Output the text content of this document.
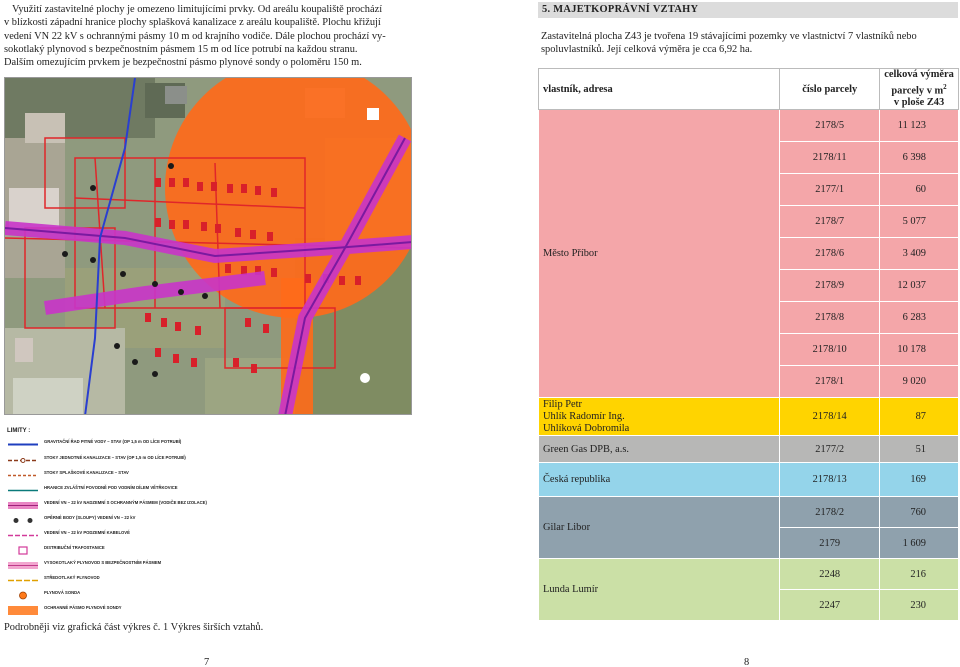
Využití zastavitelné plochy je omezeno limitujícími prvky. Od areálu koupaliště prochází

v blízkosti západní hranice plochy splašková kanalizace z areálu koupaliště. Plochu křižují

vedení VN 22 kV s ochrannými pásmy 10 m od krajního vodiče. Dále plochou prochází vy-

sokotlaký plynovod s bezpečnostním pásmem 15 m od líce potrubí na každou stranu.

Dalším omezujícím prvkem je bezpečnostní pásmo plynové sondy o poloměru 150 m.

LIMITY :
GRAVITAČNÍ ŘAD PITNÉ VODY – STAV (OP 1,5 m OD LÍCE POTRUBÍ)
STOKY JEDNOTNÉ KANALIZACE – STAV (OP 1,5 m OD LÍCE POTRUBÍ)
STOKY SPLAŠKOVÉ KANALIZACE – STAV
HRANICE ZVLÁŠTNÍ POVODNĚ POD VODNÍM DÍLEM VĚTŘKOVICE
VEDENÍ VN – 22 kV NADZEMNÍ S OCHRANNÝM PÁSMEM (VODIČE BEZ IZOLACE)
OPĚRNÉ BODY (SLOUPY) VEDENÍ VN – 22 kV
VEDENÍ VN – 22 kV PODZEMNÍ KABELOVÉ
DISTRIBUČNÍ TRAFOSTANICE
VYSOKOTLAKÝ PLYNOVOD S BEZPEČNOSTNÍM PÁSMEM
STŘEDOTLAKÝ PLYNOVOD
PLYNOVÁ SONDA
OCHRANNÉ PÁSMO PLYNOVÉ SONDY
Podrobněji viz grafická část výkres č. 1 Výkres širších vztahů.
7
5. MAJETKOPRÁVNÍ VZTAHY

Zastavitelná plocha Z43 je tvořena 19 stávajícími pozemky ve vlastnictví 7 vlastníků nebo

spoluvlastníků. Její celková výměra je cca 6,92 ha.

vlastník, adresa	číslo parcely	celková výměra
parcely v $m^2$
v ploše Z43
Město Příbor	2178/5	11 123
	2178/11	6 398
	2177/1	60
	2178/7	5 077
	2178/6	3 409
	2178/9	12 037
	2178/8	6 283
	2178/10	10 178
	2178/1	9 020
Filip Petr
Uhlík Radomír Ing.
Uhlíková Dobromila	2178/14	87
Green Gas DPB, a.s.	2177/2	51
Česká republika	2178/13	169
Gilar Libor	2178/2	760
	2179	1 609
Lunda Lumír	2248	216
	2247	230
8
